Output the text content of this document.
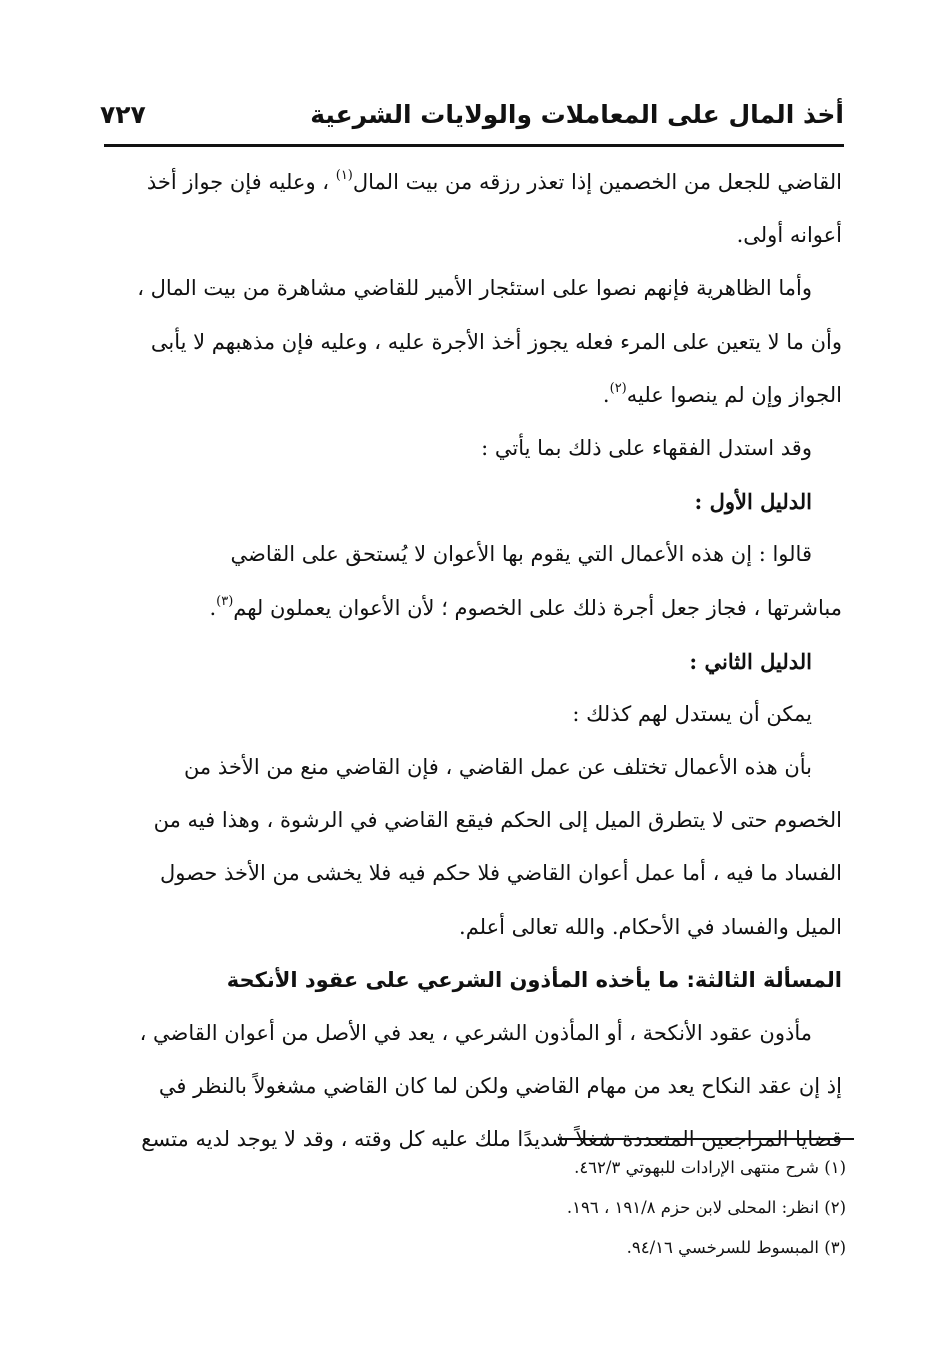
أخذ المال على المعاملات والولايات الشرعية
٧٢٧
القاضي للجعل من الخصمين إذا تعذر رزقه من بيت المال$^{(١)}$ ، وعليه فإن جواز أخذ
أعوانه أولى.
وأما الظاهرية فإنهم نصوا على استئجار الأمير للقاضي مشاهرة من بيت المال ،
وأن ما لا يتعين على المرء فعله يجوز أخذ الأجرة عليه ، وعليه فإن مذهبهم لا يأبى
الجواز وإن لم ينصوا عليه$^{(٢)}$.
وقد استدل الفقهاء على ذلك بما يأتي :
الدليل الأول :
قالوا : إن هذه الأعمال التي يقوم بها الأعوان لا يُستحق على القاضي
مباشرتها ، فجاز جعل أجرة ذلك على الخصوم ؛ لأن الأعوان يعملون لهم$^{(٣)}$.
الدليل الثاني :
يمكن أن يستدل لهم كذلك :
بأن هذه الأعمال تختلف عن عمل القاضي ، فإن القاضي منع من الأخذ من
الخصوم حتى لا يتطرق الميل إلى الحكم فيقع القاضي في الرشوة ، وهذا فيه من
الفساد ما فيه ، أما عمل أعوان القاضي فلا حكم فيه فلا يخشى من الأخذ حصول
الميل والفساد في الأحكام. والله تعالى أعلم.
المسألة الثالثة: ما يأخذه المأذون الشرعي على عقود الأنكحة
مأذون عقود الأنكحة ، أو المأذون الشرعي ، يعد في الأصل من أعوان القاضي ،
إذ إن عقد النكاح يعد من مهام القاضي ولكن لما كان القاضي مشغولاً بالنظر في
قضايا المراجعين المتعددة شغلاً شديدًا ملك عليه كل وقته ، وقد لا يوجد لديه متسع
(١) شرح منتهى الإرادات للبهوتي ٤٦٢/٣.
(٢) انظر: المحلى لابن حزم ١٩١/٨ ، ١٩٦.
(٣) المبسوط للسرخسي ٩٤/١٦.
